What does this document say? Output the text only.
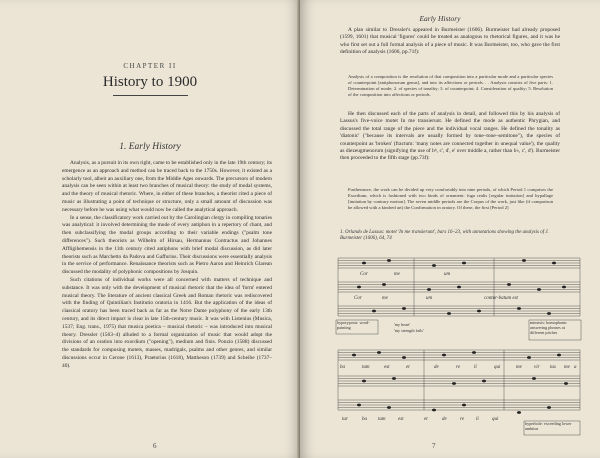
CHAPTER II
History to 1900
1. Early History

Analysis, as a pursuit in its own right, came to be established only in the late 19th century; its emergence as an approach and method can be traced back to the 1750s. However, it existed as a scholarly tool, albeit an auxiliary one, from the Middle Ages onwards. The precursors of modern analysis can be seen within at least two branches of musical theory: the study of modal systems, and the theory of musical rhetoric. Where, in either of these branches, a theorist cited a piece of music as illustrating a point of technique or structure, only a small amount of discussion was necessary before he was using what would now be called the analytical approach.

In a sense, the classificatory work carried out by the Carolingian clergy in compiling tonaries was analytical: it involved determining the mode of every antiphon in a repertory of chant, and then subclassifying the modal groups according to their variable endings ("psalm tone differences"). Such theorists as Wilhelm of Hirsau, Hermannus Contractus and Johannes Affligihemensis in the 11th century cited antiphons with brief modal discussion, as did later theorists such as Marchetto da Padova and Gaffurius. Their discussions were essentially analysis in the service of performance. Renaissance theorists such as Pietro Aaron and Heinrich Glarean discussed the modality of polyphonic compositions by Josquin.

Such citations of individual works were all concerned with matters of technique and substance. It was only with the development of musical rhetoric that the idea of 'form' entered musical theory. The literature of ancient classical Greek and Roman rhetoric was rediscovered with the finding of Quintilian's Institutio oratoria in 1416. But the application of the ideas of classical oratory has been traced back as far as the Notre Dame polyphony of the early 13th century, and its direct impact is clear in late 15th-century music. It was with Listenius (Musica, 1537; Eng. trans., 1975) that musica poetica – musical rhetoric – was introduced into musical theory. Dressler (1563–4) alluded to a formal organization of music that would adopt the divisions of an oration into exordium ("opening"), medium and finis. Ponzio (1588) discussed the standards for composing motets, masses, madrigals, psalms and other genres, and similar discussions occur in Cerone (1613), Praetorius (1618), Mattheson (1739) and Scheibe (1737–40).

6
Early History

A plan similar to Dressler's appeared in Burmeister (1606). Burmeister had already proposed (1599, 1601) that musical 'figures' could be treated as analogous to rhetorical figures, and it was he who first set out a full formal analysis of a piece of music. It was Burmeister, too, who gave the first definition of analysis (1606, pp.71f):

Analysis of a composition is the resolution of that composition into a particular mode and a particular species of counterpoint [antiphonorum genus], and into its affections or periods. . . Analysis consists of five parts: 1. Determination of mode; 2. of species of tonality; 3. of counterpoint; 4. Consideration of quality; 5. Resolution of the composition into affections or periods.

He then discussed each of the parts of analysis in detail, and followed this by his analysis of Lassus's five-voice motet In me transierunt. He defined the mode as authentic Phrygian, and discussed the total range of the piece and the individual vocal ranges. He defined the tonality as 'diatonic' ("because its intervals are usually formed by tone–tone–semitone"), the species of counterpoint as 'broken' (fractum: 'many notes are connected together in unequal value'), the quality as diezeugmenorum (signifying the use of b♮, c', d', e' over middle a, rather than b♭, c', d'). Burmeister then proceeded to the fifth stage (pp.73f):

Furthermore, the work can be divided up very comfortably into nine periods, of which Period 1 comprises the Exordium, which is fashioned with two kinds of ornament: fuga realis [regular imitation] and hypallage [imitation by contrary motion]. The seven middle periods are the Corpus of the work, just like (if comparison be allowed with a kindred art) the Confirmation in oratory. Of these, the first [Period 2]
1. Orlando de Lassus: motet 'In me transierunt', bars 16–23, with annotations showing the analysis of J. Burmeister (1606), 64, 74
Cor	me	um
Cor	me	um	contur-batum est
hypotyposis: word-painting
'my heart'
'my strength fails'
mimesis: homophonic answering phrases at different pitches
ba	tum	est	et	de	re	li	qui	me vir tus me a
tur	ba tum	est	et	de	re li	qui
hyperbole: exceeding lower ambitus
7
